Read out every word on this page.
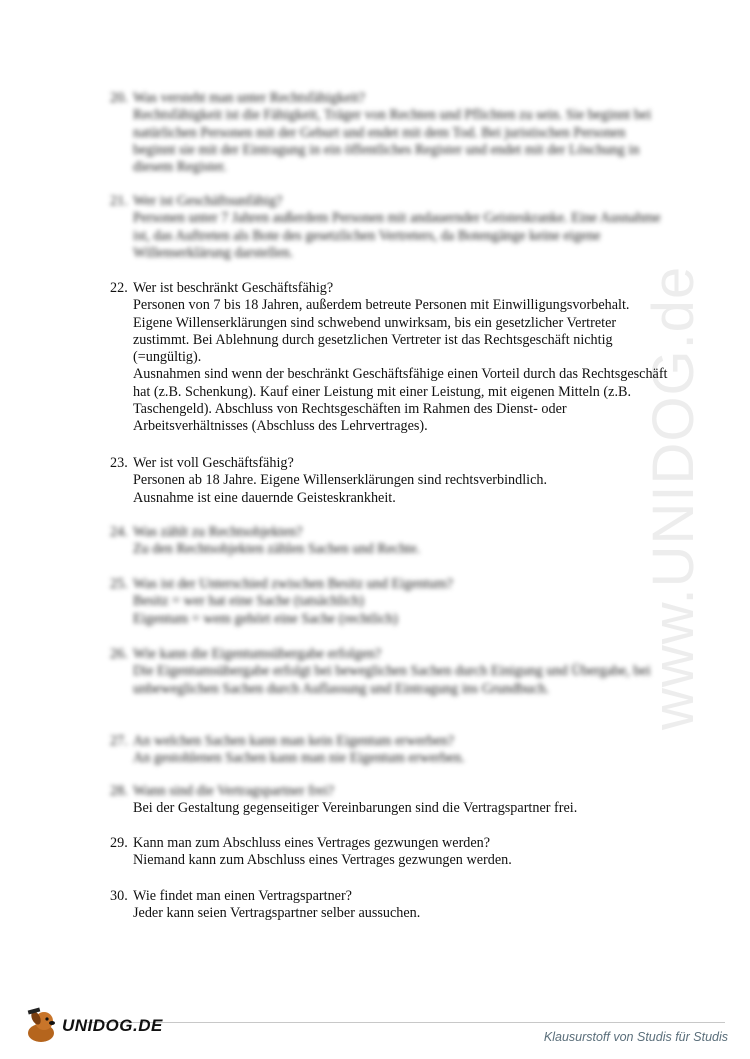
www.UNIDOG.de
20. Was versteht man unter Rechtsfähigkeit?
Rechtsfähigkeit ist die Fähigkeit, Träger von Rechten und Pflichten zu sein. Sie beginnt bei natürlichen Personen mit der Geburt und endet mit dem Tod. Bei juristischen Personen beginnt sie mit der Eintragung in ein öffentliches Register und endet mit der Löschung in diesem Register.
21. Wer ist Geschäftsunfähig?
Personen unter 7 Jahren außerdem Personen mit andauernder Geisteskranke. Eine Ausnahme ist, das Auftreten als Bote des gesetzlichen Vertreters, da Botengänge keine eigene Willenserklärung darstellen.
22. Wer ist beschränkt Geschäftsfähig?
Personen von 7 bis 18 Jahren, außerdem betreute Personen mit Einwilligungsvorbehalt. Eigene Willenserklärungen sind schwebend unwirksam, bis ein gesetzlicher Vertreter zustimmt. Bei Ablehnung durch gesetzlichen Vertreter ist das Rechtsgeschäft nichtig (=ungültig).
Ausnahmen sind wenn der beschränkt Geschäftsfähige einen Vorteil durch das Rechtsgeschäft hat (z.B. Schenkung). Kauf einer Leistung mit einer Leistung, mit eigenen Mitteln (z.B. Taschengeld). Abschluss von Rechtsgeschäften im Rahmen des Dienst- oder Arbeitsverhältnisses (Abschluss des Lehrvertrages).
23. Wer ist voll Geschäftsfähig?
Personen ab 18 Jahre. Eigene Willenserklärungen sind rechtsverbindlich.
Ausnahme ist eine dauernde Geisteskrankheit.
24. Was zählt zu Rechtsobjekten?
Zu den Rechtsobjekten zählen Sachen und Rechte.
25. Was ist der Unterschied zwischen Besitz und Eigentum?
Besitz = wer hat eine Sache (tatsächlich)
Eigentum = wem gehört eine Sache (rechtlich)
26. Wie kann die Eigentumsübergabe erfolgen?
Die Eigentumsübergabe erfolgt bei beweglichen Sachen durch Einigung und Übergabe, bei unbeweglichen Sachen durch Auflassung und Eintragung ins Grundbuch.
27. An welchen Sachen kann man kein Eigentum erwerben?
An gestohlenen Sachen kann man nie Eigentum erwerben.
28. Wann sind die Vertragspartner frei?
Bei der Gestaltung gegenseitiger Vereinbarungen sind die Vertragspartner frei.
29. Kann man zum Abschluss eines Vertrages gezwungen werden?
Niemand kann zum Abschluss eines Vertrages gezwungen werden.
30. Wie findet man einen Vertragspartner?
Jeder kann seien Vertragspartner selber aussuchen.
UNIDOG.DE
Klausurstoff von Studis für Studis
